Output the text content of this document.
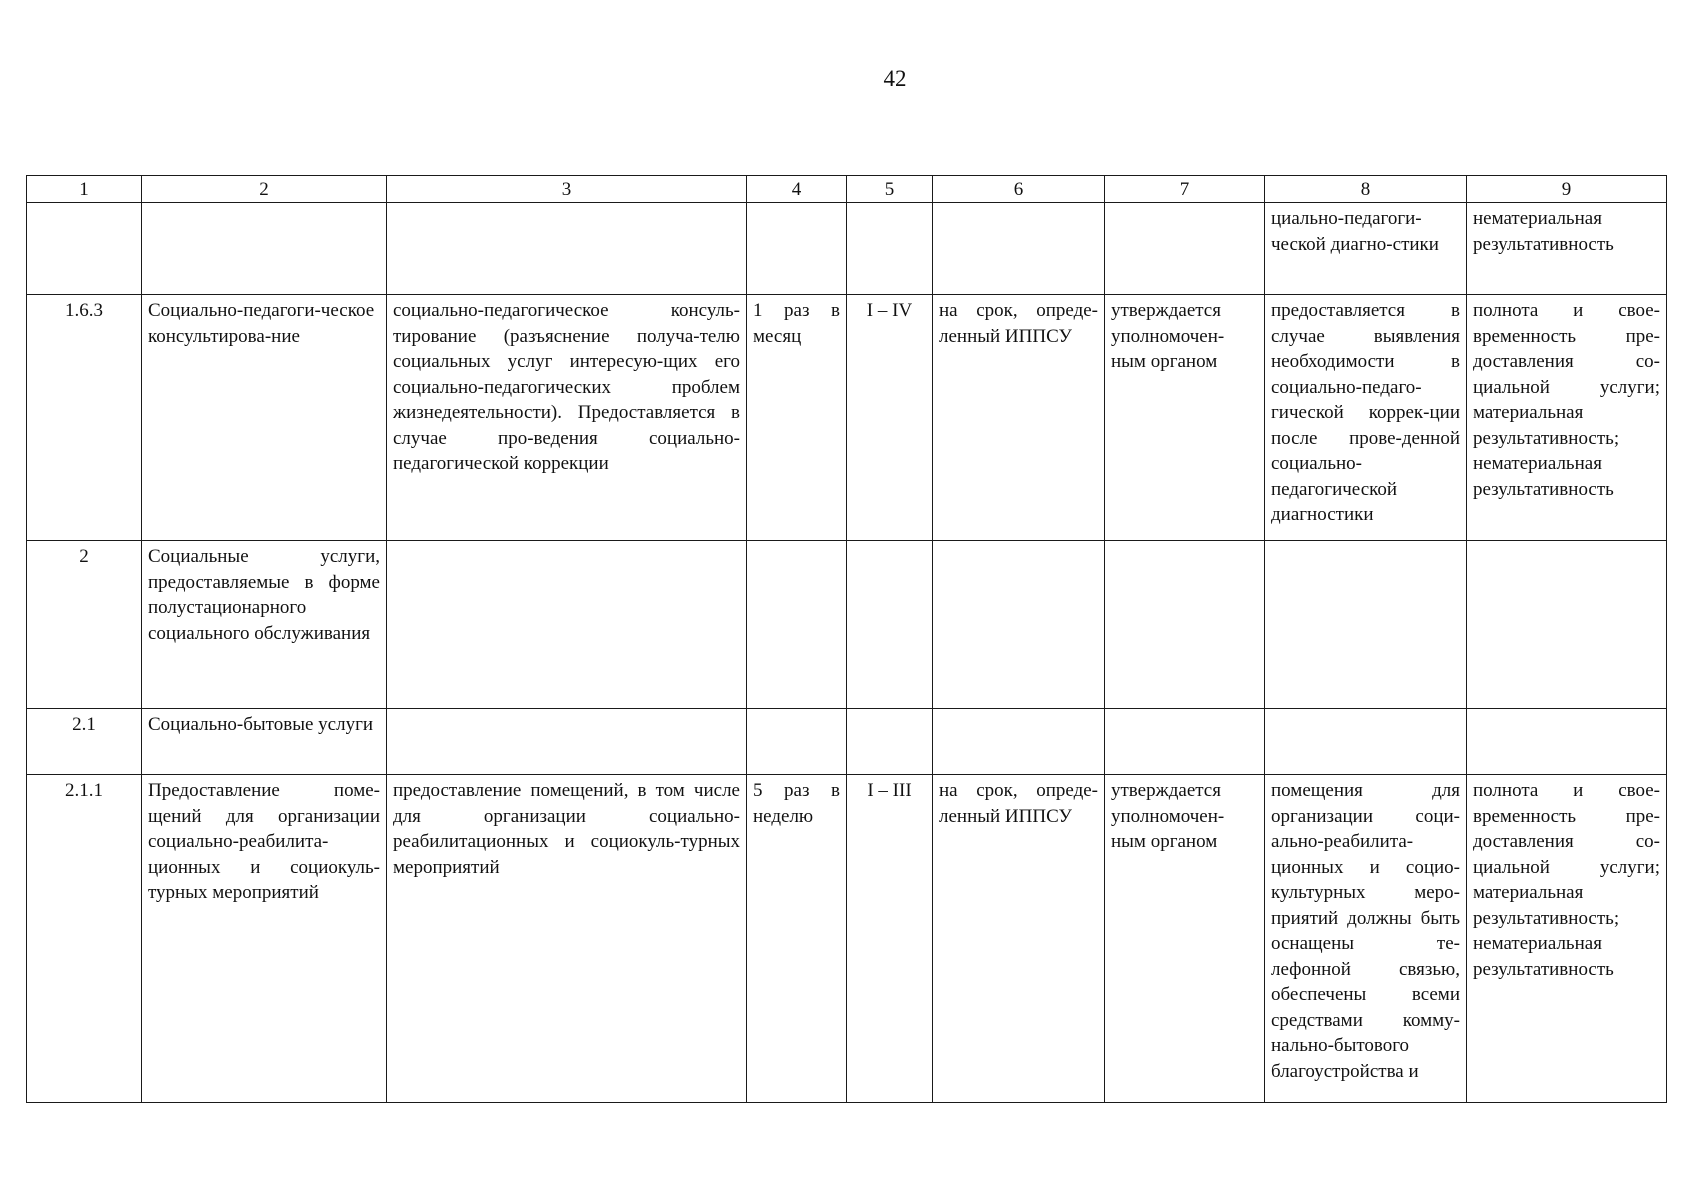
42
1	2	3	4	5	6	7	8	9
							циально-педагоги-ческой диагно-стики	нематериальная результативность
1.6.3	Социально-педагоги-ческое консультирова-ние	социально-педагогическое консуль-тирование (разъяснение получа-телю социальных услуг интересую-щих его социально-педагогических проблем жизнедеятельности). Предоставляется в случае про-ведения социально-педагогической коррекции	1 раз в месяц	I – IV	на срок, опреде-ленный ИППСУ	утверждается уполномочен-ным органом	предоставляется в случае выявления необходимости в социально-педаго-гической коррек-ции после прове-денной социально-педагогической диагностики	полнота и свое-временность пре-доставления со-циальной услуги; материальная результативность; нематериальная результативность
2	Социальные услуги, предоставляемые в форме полустационарного социального обслуживания							
2.1	Социально-бытовые услуги							
2.1.1	Предоставление поме-щений для организации социально-реабилита-ционных и социокуль-турных мероприятий	предоставление помещений, в том числе для организации социально-реабилитационных и социокуль-турных мероприятий	5 раз в неделю	I – III	на срок, опреде-ленный ИППСУ	утверждается уполномочен-ным органом	помещения для организации соци-ально-реабилита-ционных и социо-культурных меро-приятий должны быть оснащены те-лефонной связью, обеспечены всеми средствами комму-нально-бытового благоустройства и	полнота и свое-временность пре-доставления со-циальной услуги; материальная результативность; нематериальная результативность
